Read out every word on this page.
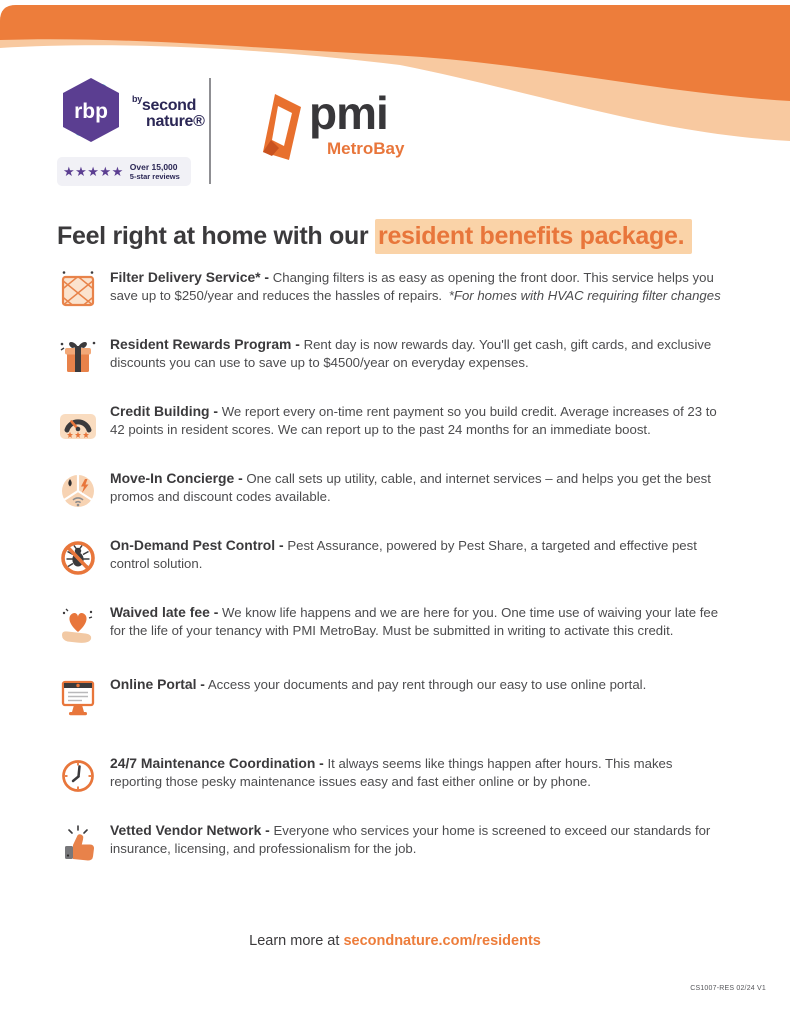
rbp
$^{by}$second
nature®
★★★★★ Over 15,000
5-star reviews
pmi
MetroBay
Feel right at home with our resident benefits package.

Filter Delivery Service* - Changing filters is as easy as opening the front door. This service helps you save up to $250/year and reduces the hassles of repairs. *For homes with HVAC requiring filter changes

Resident Rewards Program - Rent day is now rewards day. You'll get cash, gift cards, and exclusive discounts you can use to save up to $4500/year on everyday expenses.

Credit Building - We report every on-time rent payment so you build credit. Average increases of 23 to 42 points in resident scores. We can report up to the past 24 months for an immediate boost.

Move-In Concierge - One call sets up utility, cable, and internet services – and helps you get the best promos and discount codes available.

On-Demand Pest Control - Pest Assurance, powered by Pest Share, a targeted and effective pest control solution.

Waived late fee - We know life happens and we are here for you. One time use of waiving your late fee for the life of your tenancy with PMI MetroBay. Must be submitted in writing to activate this credit.

Online Portal - Access your documents and pay rent through our easy to use online portal.

24/7 Maintenance Coordination - It always seems like things happen after hours. This makes reporting those pesky maintenance issues easy and fast either online or by phone.

Vetted Vendor Network - Everyone who services your home is screened to exceed our standards for insurance, licensing, and professionalism for the job.

Learn more at secondnature.com/residents
CS1007-RES 02/24 V1
